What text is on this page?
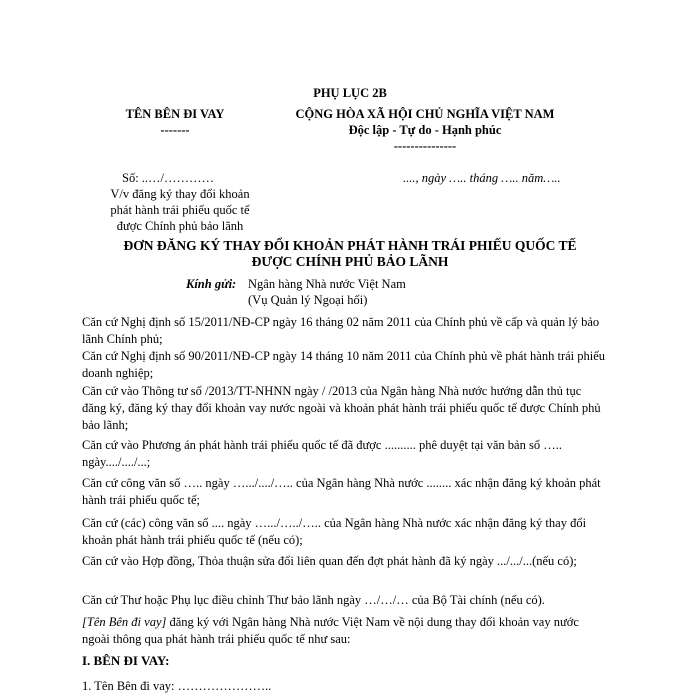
PHỤ LỤC 2B
TÊN BÊN ĐI VAY
-------
CỘNG HÒA XÃ HỘI CHỦ NGHĨA VIỆT NAM
Độc lập - Tự do - Hạnh phúc
---------------
Số: ..…/…………
V/v đăng ký thay đổi khoản
phát hành trái phiếu quốc tế
được Chính phủ bảo lãnh
...., ngày ….. tháng ….. năm…..
ĐƠN ĐĂNG KÝ THAY ĐỔI KHOẢN PHÁT HÀNH TRÁI PHIẾU QUỐC TẾ
ĐƯỢC CHÍNH PHỦ BẢO LÃNH
Kính gửi: Ngân hàng Nhà nước Việt Nam
(Vụ Quản lý Ngoại hối)
Căn cứ Nghị định số 15/2011/NĐ-CP ngày 16 tháng 02 năm 2011 của Chính phủ về cấp và quản lý bảo lãnh Chính phủ;
Căn cứ Nghị định số 90/2011/NĐ-CP ngày 14 tháng 10 năm 2011 của Chính phủ về phát hành trái phiếu doanh nghiệp;
Căn cứ vào Thông tư số /2013/TT-NHNN ngày / /2013 của Ngân hàng Nhà nước hướng dẫn thủ tục đăng ký, đăng ký thay đổi khoản vay nước ngoài và khoản phát hành trái phiếu quốc tế được Chính phủ bảo lãnh;
Căn cứ vào Phương án phát hành trái phiếu quốc tế đã được .......... phê duyệt tại văn bản số ….. ngày..../..../...;
Căn cứ công văn số ….. ngày ….../..../….. của Ngân hàng Nhà nước ........ xác nhận đăng ký khoản phát hành trái phiếu quốc tế;
Căn cứ (các) công văn số .... ngày ….../…../….. của Ngân hàng Nhà nước xác nhận đăng ký thay đổi khoản phát hành trái phiếu quốc tế (nếu có);
Căn cứ vào Hợp đồng, Thỏa thuận sửa đổi liên quan đến đợt phát hành đã ký ngày .../.../...(nếu có);
Căn cứ Thư hoặc Phụ lục điều chỉnh Thư bảo lãnh ngày …/…/… của Bộ Tài chính (nếu có).
[Tên Bên đi vay] đăng ký với Ngân hàng Nhà nước Việt Nam về nội dung thay đổi khoản vay nước ngoài thông qua phát hành trái phiếu quốc tế như sau:
I. BÊN ĐI VAY:
1. Tên Bên đi vay: …………………..
